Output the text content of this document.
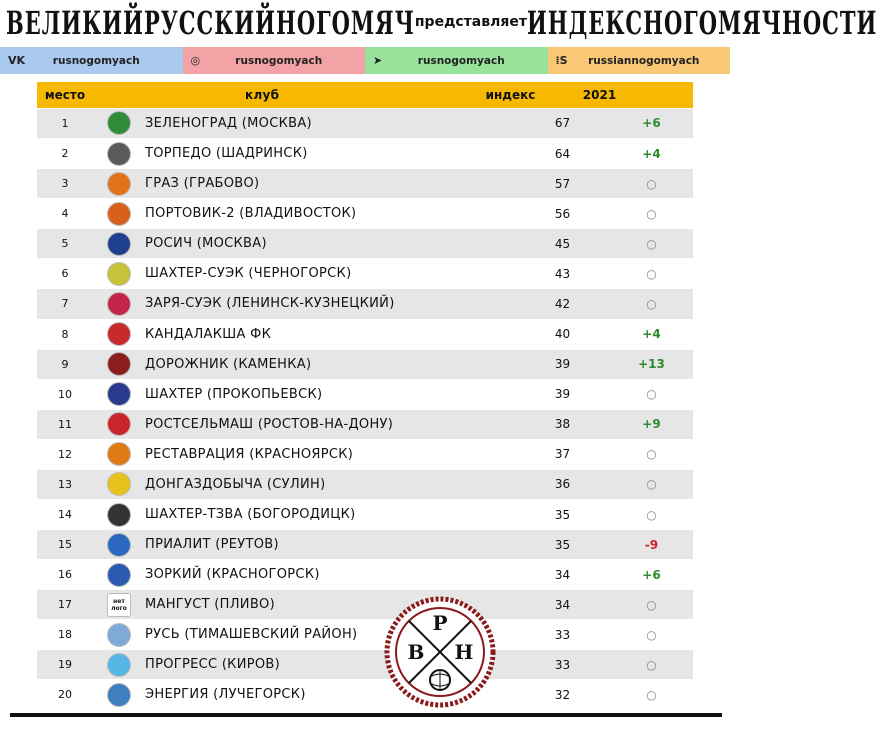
ВЕЛИКИЙРУССКИЙНОГОМЯЧ представляет ИНДЕКСНОГОМЯЧНОСТИ
VK	rusnogomyach	◎	rusnogomyach	➤	rusnogomyach	⁞S	russiannogomyach
место	клуб	индекс	2021
1	ЗЕЛЕНОГРАД (МОСКВА)	67	+6
2	ТОРПЕДО (ШАДРИНСК)	64	+4
3	ГРАЗ (ГРАБОВО)	57	○
4	ПОРТОВИК-2 (ВЛАДИВОСТОК)	56	○
5	РОСИЧ (МОСКВА)	45	○
6	ШАХТЕР-СУЭК (ЧЕРНОГОРСК)	43	○
7	ЗАРЯ-СУЭК (ЛЕНИНСК-КУЗНЕЦКИЙ)	42	○
8	КАНДАЛАКША ФК	40	+4
9	ДОРОЖНИК (КАМЕНКА)	39	+13
10	ШАХТЕР (ПРОКОПЬЕВСК)	39	○
11	РОСТСЕЛЬМАШ (РОСТОВ-НА-ДОНУ)	38	+9
12	РЕСТАВРАЦИЯ (КРАСНОЯРСК)	37	○
13	ДОНГАЗДОБЫЧА (СУЛИН)	36	○
14	ШАХТЕР-ТЗВА (БОГОРОДИЦК)	35	○
15	ПРИАЛИТ (РЕУТОВ)	35	-9
16	ЗОРКИЙ (КРАСНОГОРСК)	34	+6
17	нет лого	МАНГУСТ (ПЛИВО)	34	○
18	РУСЬ (ТИМАШЕВСКИЙ РАЙОН)	33	○
19	ПРОГРЕСС (КИРОВ)	33	○
20	ЭНЕРГИЯ (ЛУЧЕГОРСК)	32	○
Р
В Н
